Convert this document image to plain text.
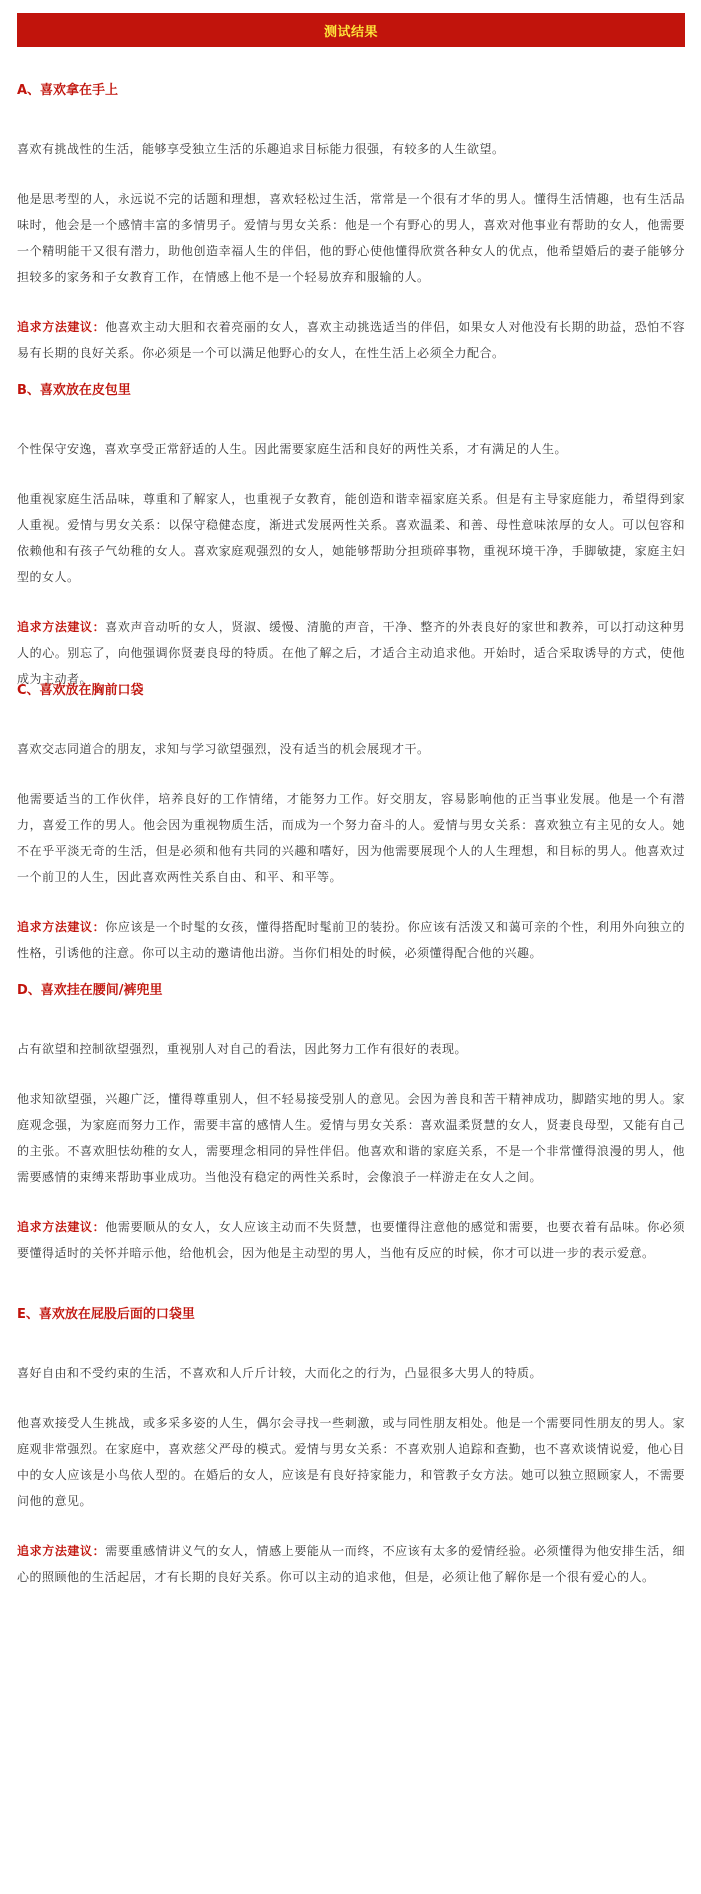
测试结果
A、喜欢拿在手上

喜欢有挑战性的生活，能够享受独立生活的乐趣追求目标能力很强，有较多的人生欲望。

他是思考型的人，永远说不完的话题和理想，喜欢轻松过生活，常常是一个很有才华的男人。懂得生活情趣，也有生活品味时，他会是一个感情丰富的多情男子。爱情与男女关系：他是一个有野心的男人，喜欢对他事业有帮助的女人，他需要一个精明能干又很有潜力，助他创造幸福人生的伴侣，他的野心使他懂得欣赏各种女人的优点，他希望婚后的妻子能够分担较多的家务和子女教育工作，在情感上他不是一个轻易放弃和服输的人。

追求方法建议：他喜欢主动大胆和衣着亮丽的女人，喜欢主动挑选适当的伴侣，如果女人对他没有长期的助益，恐怕不容易有长期的良好关系。你必须是一个可以满足他野心的女人，在性生活上必须全力配合。

B、喜欢放在皮包里

个性保守安逸，喜欢享受正常舒适的人生。因此需要家庭生活和良好的两性关系，才有满足的人生。

他重视家庭生活品味，尊重和了解家人，也重视子女教育，能创造和谐幸福家庭关系。但是有主导家庭能力，希望得到家人重视。爱情与男女关系：以保守稳健态度，渐进式发展两性关系。喜欢温柔、和善、母性意味浓厚的女人。可以包容和依赖他和有孩子气幼稚的女人。喜欢家庭观强烈的女人，她能够帮助分担琐碎事物，重视环境干净，手脚敏捷，家庭主妇型的女人。

追求方法建议：喜欢声音动听的女人，贤淑、缓慢、清脆的声音，干净、整齐的外表良好的家世和教养，可以打动这种男人的心。别忘了，向他强调你贤妻良母的特质。在他了解之后，才适合主动追求他。开始时，适合采取诱导的方式，使他成为主动者。

C、喜欢放在胸前口袋

喜欢交志同道合的朋友，求知与学习欲望强烈，没有适当的机会展现才干。

他需要适当的工作伙伴，培养良好的工作情绪，才能努力工作。好交朋友，容易影响他的正当事业发展。他是一个有潜力，喜爱工作的男人。他会因为重视物质生活，而成为一个努力奋斗的人。爱情与男女关系：喜欢独立有主见的女人。她不在乎平淡无奇的生活，但是必须和他有共同的兴趣和嗜好，因为他需要展现个人的人生理想，和目标的男人。他喜欢过一个前卫的人生，因此喜欢两性关系自由、和平、和平等。

追求方法建议：你应该是一个时髦的女孩，懂得搭配时髦前卫的装扮。你应该有活泼又和蔼可亲的个性，利用外向独立的性格，引诱他的注意。你可以主动的邀请他出游。当你们相处的时候，必须懂得配合他的兴趣。

D、喜欢挂在腰间/裤兜里

占有欲望和控制欲望强烈，重视别人对自己的看法，因此努力工作有很好的表现。

他求知欲望强，兴趣广泛，懂得尊重别人，但不轻易接受别人的意见。会因为善良和苦干精神成功，脚踏实地的男人。家庭观念强，为家庭而努力工作，需要丰富的感情人生。爱情与男女关系：喜欢温柔贤慧的女人，贤妻良母型，又能有自己的主张。不喜欢胆怯幼稚的女人，需要理念相同的异性伴侣。他喜欢和谐的家庭关系，不是一个非常懂得浪漫的男人，他需要感情的束缚来帮助事业成功。当他没有稳定的两性关系时，会像浪子一样游走在女人之间。

追求方法建议：他需要顺从的女人，女人应该主动而不失贤慧，也要懂得注意他的感觉和需要，也要衣着有品味。你必须要懂得适时的关怀并暗示他，给他机会，因为他是主动型的男人，当他有反应的时候，你才可以进一步的表示爱意。

E、喜欢放在屁股后面的口袋里

喜好自由和不受约束的生活，不喜欢和人斤斤计较，大而化之的行为，凸显很多大男人的特质。

他喜欢接受人生挑战，或多采多姿的人生，偶尔会寻找一些刺激，或与同性朋友相处。他是一个需要同性朋友的男人。家庭观非常强烈。在家庭中，喜欢慈父严母的模式。爱情与男女关系：不喜欢别人追踪和查勤，也不喜欢谈情说爱，他心目中的女人应该是小鸟依人型的。在婚后的女人，应该是有良好持家能力，和管教子女方法。她可以独立照顾家人，不需要问他的意见。

追求方法建议：需要重感情讲义气的女人，情感上要能从一而终，不应该有太多的爱情经验。必须懂得为他安排生活，细心的照顾他的生活起居，才有长期的良好关系。你可以主动的追求他，但是，必须让他了解你是一个很有爱心的人。
